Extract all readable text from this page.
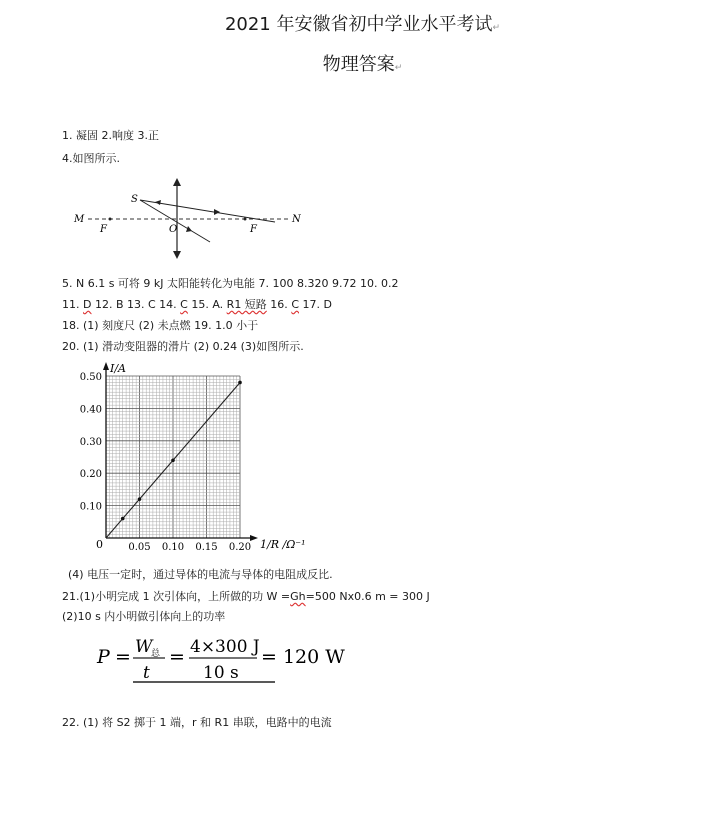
2021 年安徽省初中学业水平考试↵
物理答案↵
1. 凝固 2.响度 3.正
4.如图所示.
M	N
F	F
O
S
5. N 6.1 s 可将 9 kJ 太阳能转化为电能 7. 100 8.320 9.72 10. 0.2
11. D 12. B 13. C 14. C 15. A. R1 短路 16. C 17. D
18. (1) 刻度尺 (2) 未点燃 19. 1.0 小于
20. (1) 滑动变阻器的滑片 (2) 0.24 (3)如图所示.
0.05 0.10 0.15 0.20
0.10
0.20
0.30
0.40
0.50
I/A
1/R /Ω⁻¹
0
(4) 电压一定时，通过导体的电流与导体的电阻成反比.
21.(1)小明完成 1 次引体向，上所做的功 W =Gh=500 Nx0.6 m = 300 J
(2)10 s 内小明做引体向上的功率
P = W
总
t
= 4×300 J
10 s
= 120 W
22. (1) 将 S2 掷于 1 端，r 和 R1 串联，电路中的电流
